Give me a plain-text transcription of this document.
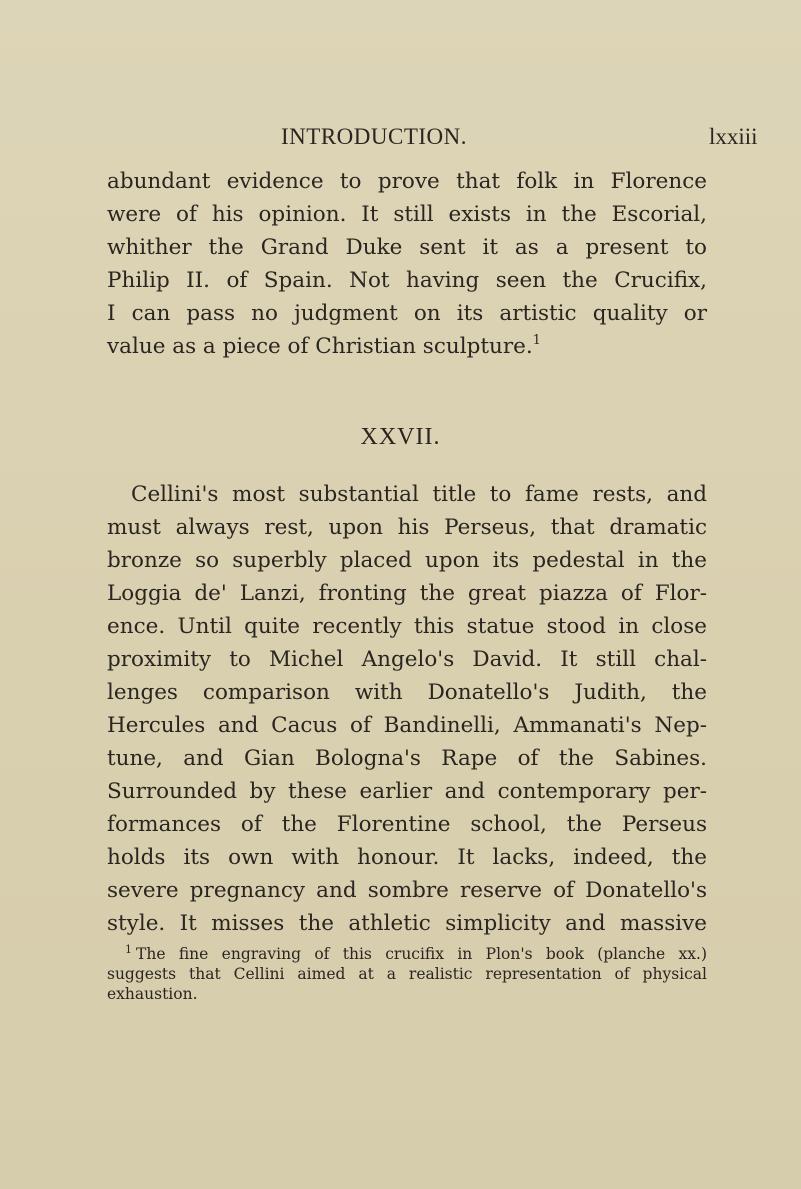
INTRODUCTION.	lxxiii
abundant evidence to prove that folk in Florence
were of his opinion. It still exists in the Escorial,
whither the Grand Duke sent it as a present to
Philip II. of Spain. Not having seen the Crucifix,
I can pass no judgment on its artistic quality or
value as a piece of Christian sculpture.$^1$
XXVII.
Cellini's most substantial title to fame rests, and
must always rest, upon his Perseus, that dramatic
bronze so superbly placed upon its pedestal in the
Loggia de' Lanzi, fronting the great piazza of Flor-
ence. Until quite recently this statue stood in close
proximity to Michel Angelo's David. It still chal-
lenges comparison with Donatello's Judith, the
Hercules and Cacus of Bandinelli, Ammanati's Nep-
tune, and Gian Bologna's Rape of the Sabines.
Surrounded by these earlier and contemporary per-
formances of the Florentine school, the Perseus
holds its own with honour. It lacks, indeed, the
severe pregnancy and sombre reserve of Donatello's
style. It misses the athletic simplicity and massive
$^1$ The fine engraving of this crucifix in Plon's book (planche xx.)
suggests that Cellini aimed at a realistic representation of physical
exhaustion.
